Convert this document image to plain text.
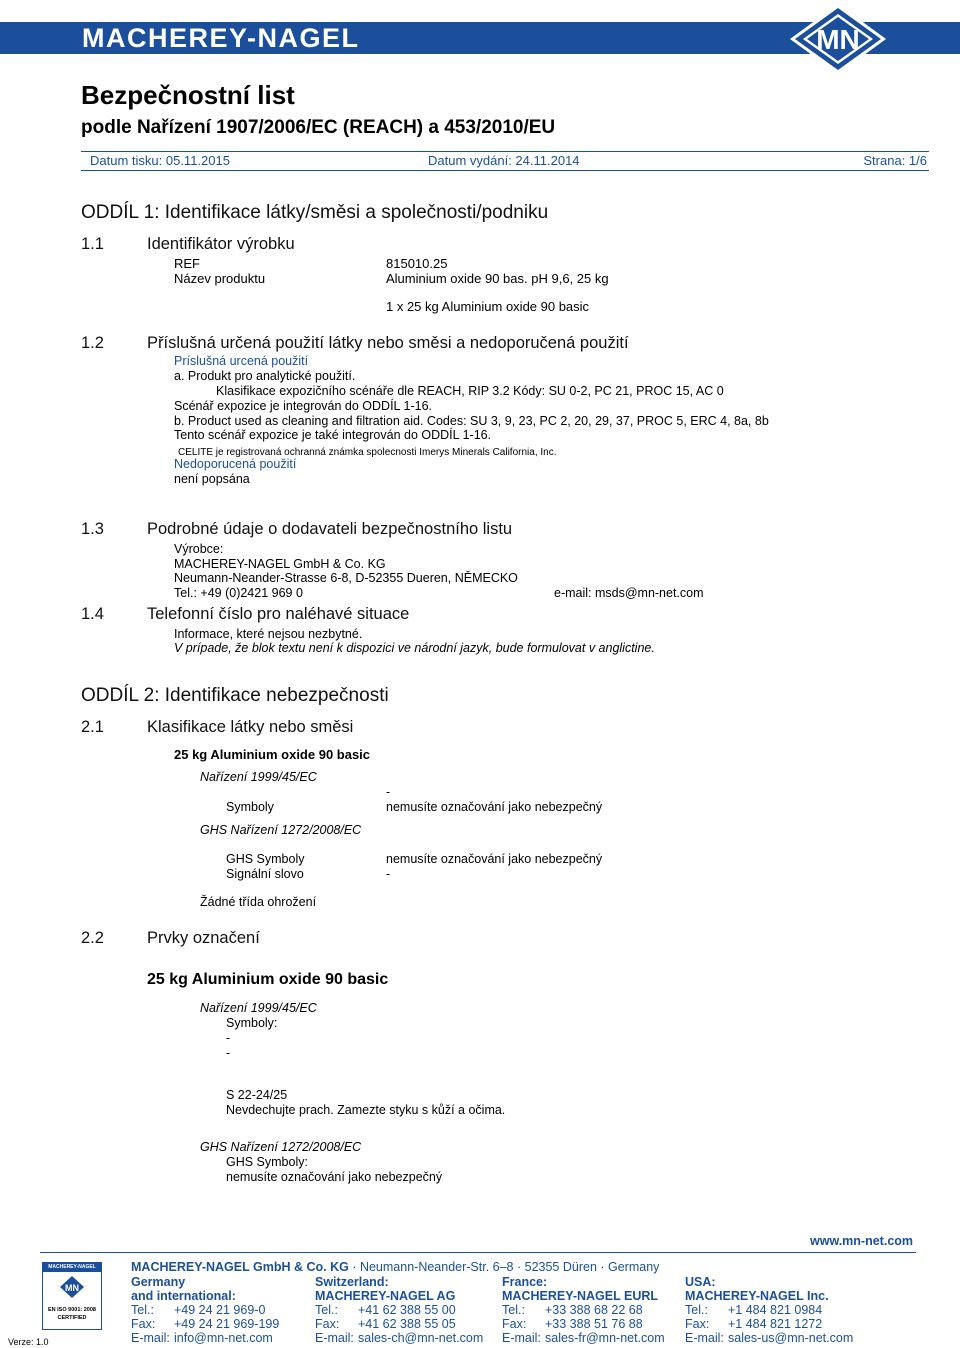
MACHEREY-NAGEL	MN
Bezpečnostní list
podle Nařízení 1907/2006/EC (REACH) a 453/2010/EU
Datum tisku: 05.11.2015	Datum vydání: 24.11.2014	Strana: 1/6
ODDÍL 1: Identifikace látky/směsi a společnosti/podniku
1.1	Identifikátor výrobku
REF	815010.25
Název produktu	Aluminium oxide 90 bas. pH 9,6, 25 kg
1 x 25 kg Aluminium oxide 90 basic
1.2	Příslušná určená použití látky nebo směsi a nedoporučená použití
Príslušná urcená použití
a. Produkt pro analytické použití.
Klasifikace expozičního scénáře dle REACH, RIP 3.2 Kódy: SU 0-2, PC 21, PROC 15, AC 0
Scénář expozice je integrován do ODDÍL 1-16.
b. Product used as cleaning and filtration aid. Codes: SU 3, 9, 23, PC 2, 20, 29, 37, PROC 5, ERC 4, 8a, 8b
Tento scénář expozice je také integrován do ODDÍL 1-16.
CELITE je registrovaná ochranná známka spolecnosti Imerys Minerals California, Inc.
Nedoporucená použití
není popsána
1.3	Podrobné údaje o dodavateli bezpečnostního listu
Výrobce:
MACHEREY-NAGEL GmbH & Co. KG
Neumann-Neander-Strasse 6-8, D-52355 Dueren, NĚMECKO
Tel.: +49 (0)2421 969 0	e-mail: msds@mn-net.com
1.4	Telefonní číslo pro naléhavé situace
Informace, které nejsou nezbytné.
V prípade, že blok textu není k dispozici ve národní jazyk, bude formulovat v anglictine.
ODDÍL 2: Identifikace nebezpečnosti
2.1	Klasifikace látky nebo směsi
25 kg Aluminium oxide 90 basic
Nařízení 1999/45/EC
-
Symboly	nemusíte označování jako nebezpečný
GHS Nařízení 1272/2008/EC
GHS Symboly	nemusíte označování jako nebezpečný
Signální slovo	-
Žádné třída ohrožení
2.2	Prvky označení
25 kg Aluminium oxide 90 basic
Nařízení 1999/45/EC
Symboly:
-
-
S 22-24/25
Nevdechujte prach. Zamezte styku s kůží a očima.
GHS Nařízení 1272/2008/EC
GHS Symboly:
nemusíte označování jako nebezpečný
www.mn-net.com
MACHEREY-NAGEL
MN
EN ISO 9001: 2008
CERTIFIED
Verze: 1.0
MACHEREY-NAGEL GmbH & Co. KG · Neumann-Neander-Str. 6–8 · 52355 Düren · Germany
Germany
and international:
Tel.: +49 24 21 969-0
Fax: +49 24 21 969-199
E-mail: info@mn-net.com
Switzerland:
MACHEREY-NAGEL AG
Tel.: +41 62 388 55 00
Fax: +41 62 388 55 05
E-mail: sales-ch@mn-net.com
France:
MACHEREY-NAGEL EURL
Tel.: +33 388 68 22 68
Fax: +33 388 51 76 88
E-mail: sales-fr@mn-net.com
USA:
MACHEREY-NAGEL Inc.
Tel.: +1 484 821 0984
Fax: +1 484 821 1272
E-mail: sales-us@mn-net.com
